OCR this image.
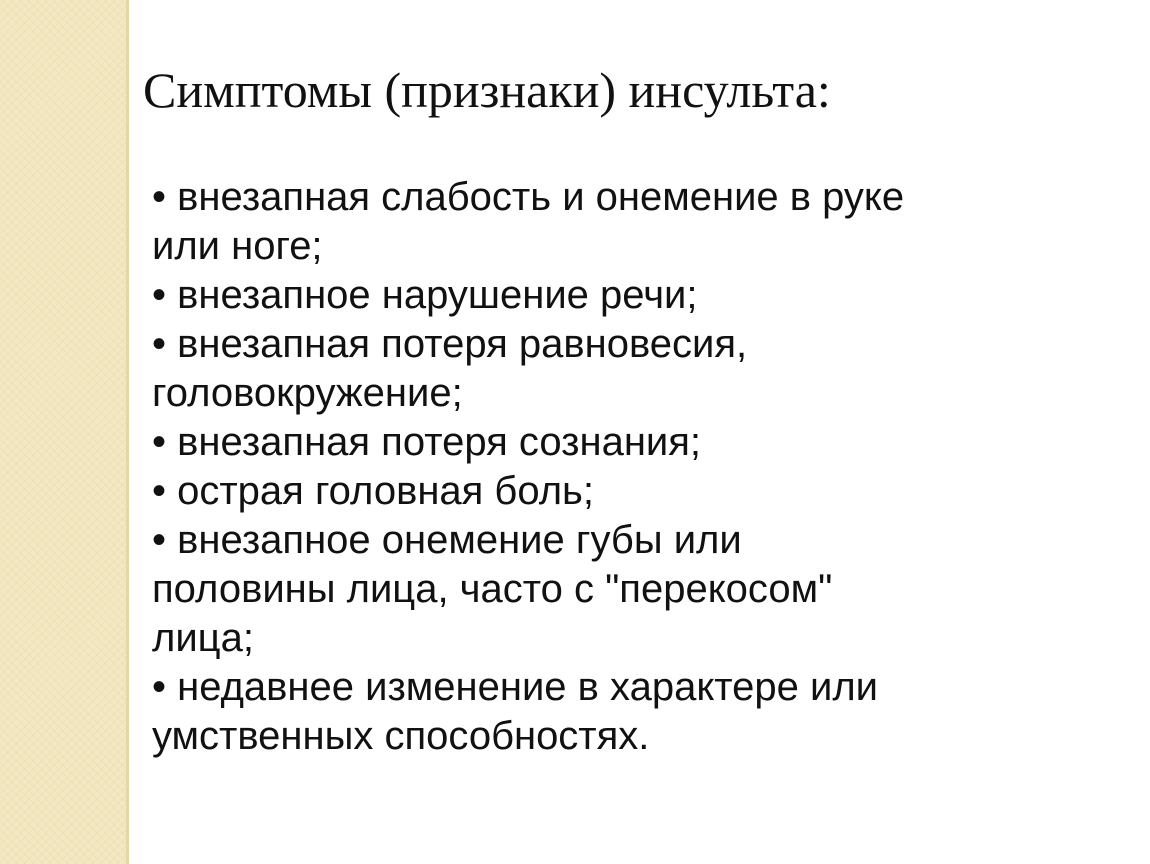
Симптомы (признаки) инсульта:
• внезапная слабость и онемение в руке
или ноге;
• внезапное нарушение речи;
• внезапная потеря равновесия,
головокружение;
• внезапная потеря сознания;
• острая головная боль;
• внезапное онемение губы или
половины лица, часто с "перекосом"
лица;
• недавнее изменение в характере или
умственных способностях.
